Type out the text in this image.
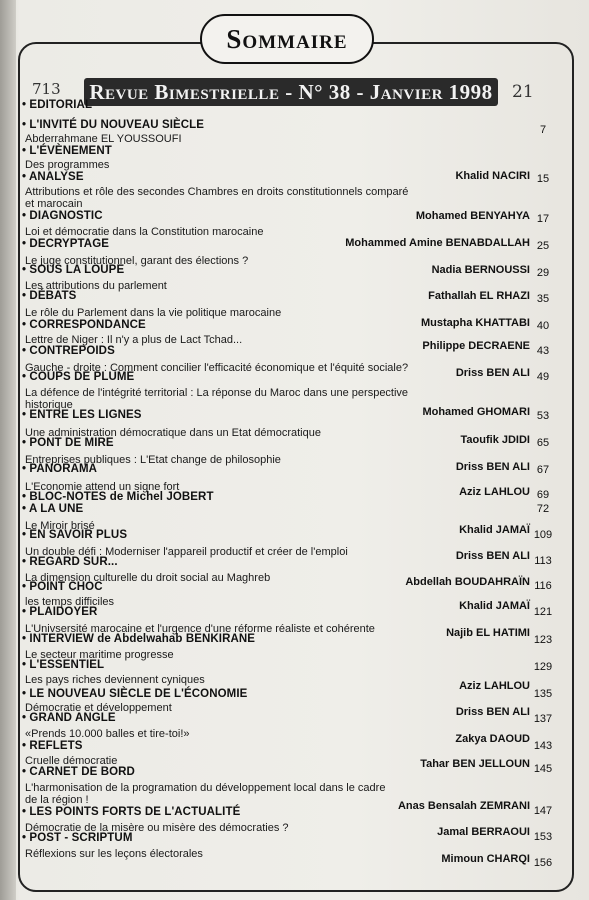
Sommaire
Revue Bimestrielle - N° 38 - Janvier 1998
713	21
• EDITORIAL
• L'INVITÉ DU NOUVEAU SIÈCLE
Abderrahmane EL YOUSSOUFI
7
• L'ÉVÈNEMENT
Des programmes
• ANALYSE
Attributions et rôle des secondes Chambres en droits constitutionnels comparé
et marocain
Khalid NACIRI 15
• DIAGNOSTIC
Loi et démocratie dans la Constitution marocaine
Mohamed BENYAHYA 17
• DECRYPTAGE
Le juge constitutionnel, garant des élections ?
Mohammed Amine BENABDALLAH 25
• SOUS LA LOUPE
Les attributions du parlement
Nadia BERNOUSSI 29
• DÉBATS
Le rôle du Parlement dans la vie politique marocaine
Fathallah EL RHAZI 35
• CORRESPONDANCE
Lettre de Niger : Il n'y a plus de Lact Tchad...
Mustapha KHATTABI 40
• CONTREPOIDS
Gauche - droite : Comment concilier l'efficacité économique et l'équité sociale?
Philippe DECRAENE 43
• COUPS DE PLUME
La défence de l'intégrité territorial : La réponse du Maroc dans une perspective
historique
Driss BEN ALI 49
• ENTRE LES LIGNES
Une administration démocratique dans un Etat démocratique
Mohamed GHOMARI 53
• PONT DE MIRE
Entreprises publiques : L'Etat change de philosophie
Taoufik JDIDI 65
• PANORAMA
L'Economie attend un signe fort
Driss BEN ALI 67
• BLOC-NOTES de Michel JOBERT	Aziz LAHLOU 69
• A LA UNE
Le Miroir brisé
72
• EN SAVOIR PLUS
Un double défi : Moderniser l'appareil productif et créer de l'emploi
Khalid JAMAÏ 109
• REGARD SUR...
La dimension culturelle du droit social au Maghreb
Driss BEN ALI 113
• POINT CHOC
les temps difficiles
Abdellah BOUDAHRAÏN 116
• PLAIDOYER
L'Univsersité marocaine et l'urgence d'une réforme réaliste et cohérente
Khalid JAMAÏ 121
• INTERVIEW de Abdelwahab BENKIRANE
Le secteur maritime progresse
Najib EL HATIMI
123
• L'ESSENTIEL
Les pays riches deviennent cyniques
129
• LE NOUVEAU SIÈCLE DE L'ÉCONOMIE
Démocratie et développement
Aziz LAHLOU
135
• GRAND ANGLE
«Prends 10.000 balles et tire-toi!»
Driss BEN ALI
137
• REFLETS
Cruelle démocratie
Zakya DAOUD
143
• CARNET DE BORD
L'harmonisation de la programation du développement local dans le cadre
de la région !
Tahar BEN JELLOUN 145
• LES POINTS FORTS DE L'ACTUALITÉ
Démocratie de la misère ou misère des démocraties ?
Anas Bensalah ZEMRANI 147
• POST - SCRIPTUM
Réflexions sur les leçons électorales
Jamal BERRAOUI 153
Mimoun CHARQI 156
